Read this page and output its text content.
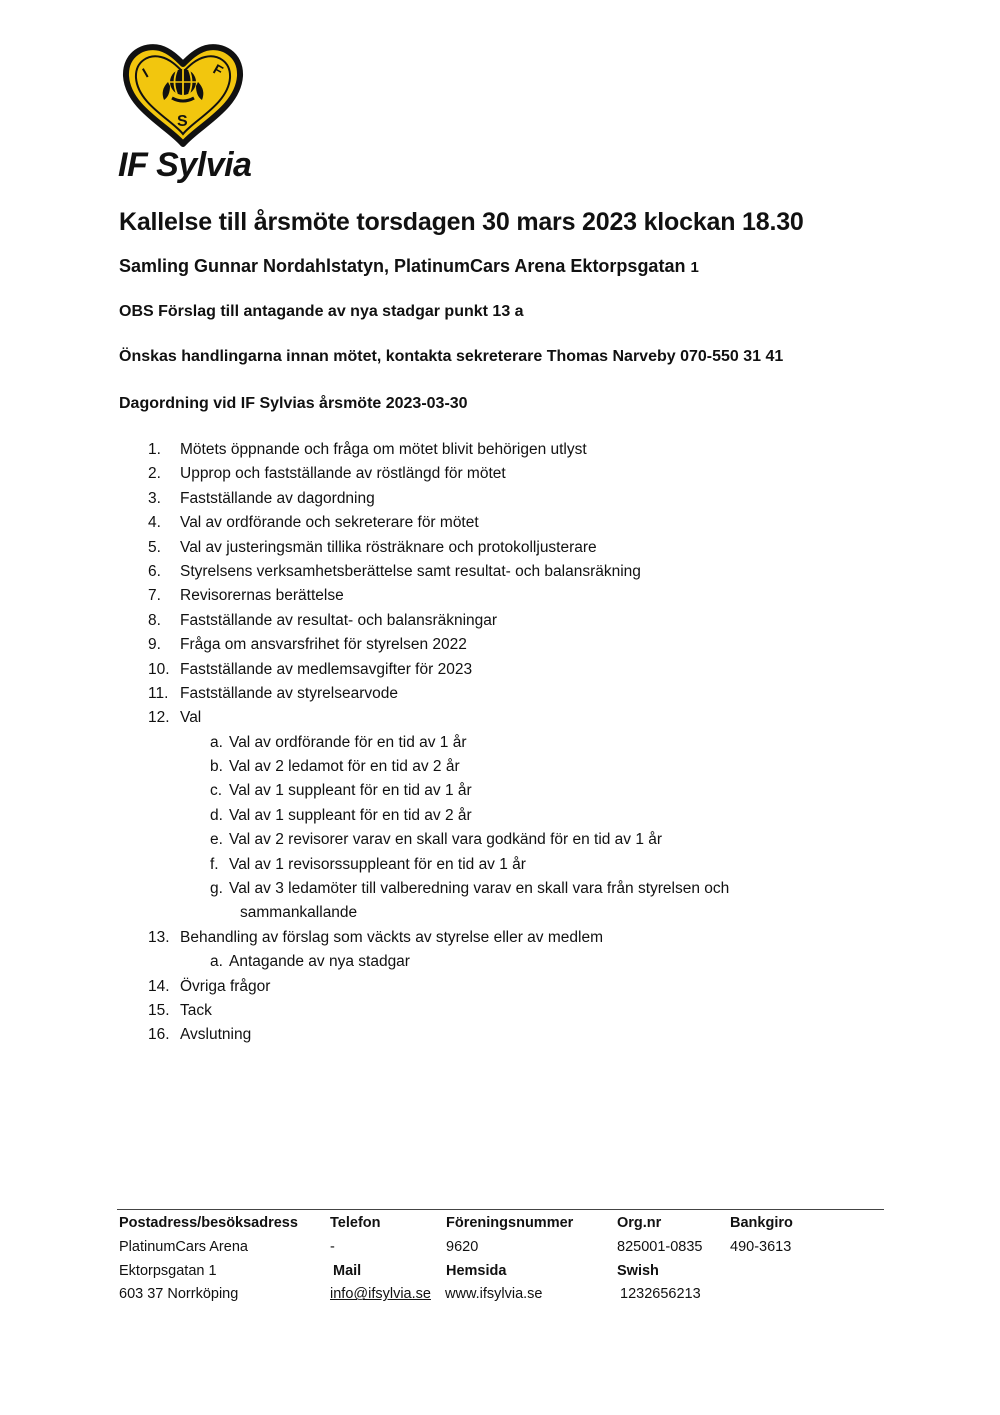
I	F
S

IF Sylvia

Kallelse till årsmöte torsdagen 30 mars 2023 klockan 18.30

Samling Gunnar Nordahlstatyn, PlatinumCars Arena Ektorpsgatan 1

OBS Förslag till antagande av nya stadgar punkt 13 a

Önskas handlingarna innan mötet, kontakta sekreterare Thomas Narveby 070-550 31 41

Dagordning vid IF Sylvias årsmöte 2023-03-30

1.	Mötets öppnande och fråga om mötet blivit behörigen utlyst
2.	Upprop och fastställande av röstlängd för mötet
3.	Fastställande av dagordning
4.	Val av ordförande och sekreterare för mötet
5.	Val av justeringsmän tillika rösträknare och protokolljusterare
6.	Styrelsens verksamhetsberättelse samt resultat- och balansräkning
7.	Revisorernas berättelse
8.	Fastställande av resultat- och balansräkningar
9.	Fråga om ansvarsfrihet för styrelsen 2022
10. Fastställande av medlemsavgifter för 2023
11. Fastställande av styrelsearvode
12. Val
a. Val av ordförande för en tid av 1 år
b. Val av 2 ledamot för en tid av 2 år
c. Val av 1 suppleant för en tid av 1 år
d. Val av 1 suppleant för en tid av 2 år
e. Val av 2 revisorer varav en skall vara godkänd för en tid av 1 år
f. Val av 1 revisorssuppleant för en tid av 1 år
g. Val av 3 ledamöter till valberedning varav en skall vara från styrelsen och
sammankallande
13. Behandling av förslag som väckts av styrelse eller av medlem
a. Antagande av nya stadgar
14. Övriga frågor
15. Tack
16. Avslutning
Postadress/besöksadress Telefon	Föreningsnummer	Org.nr	Bankgiro
PlatinumCars Arena	-	9620	825001-0835 490-3613
Ektorpsgatan 1	Mail	Hemsida	Swish
603 37 Norrköping	info@ifsylvia.se www.ifsylvia.se	1232656213
